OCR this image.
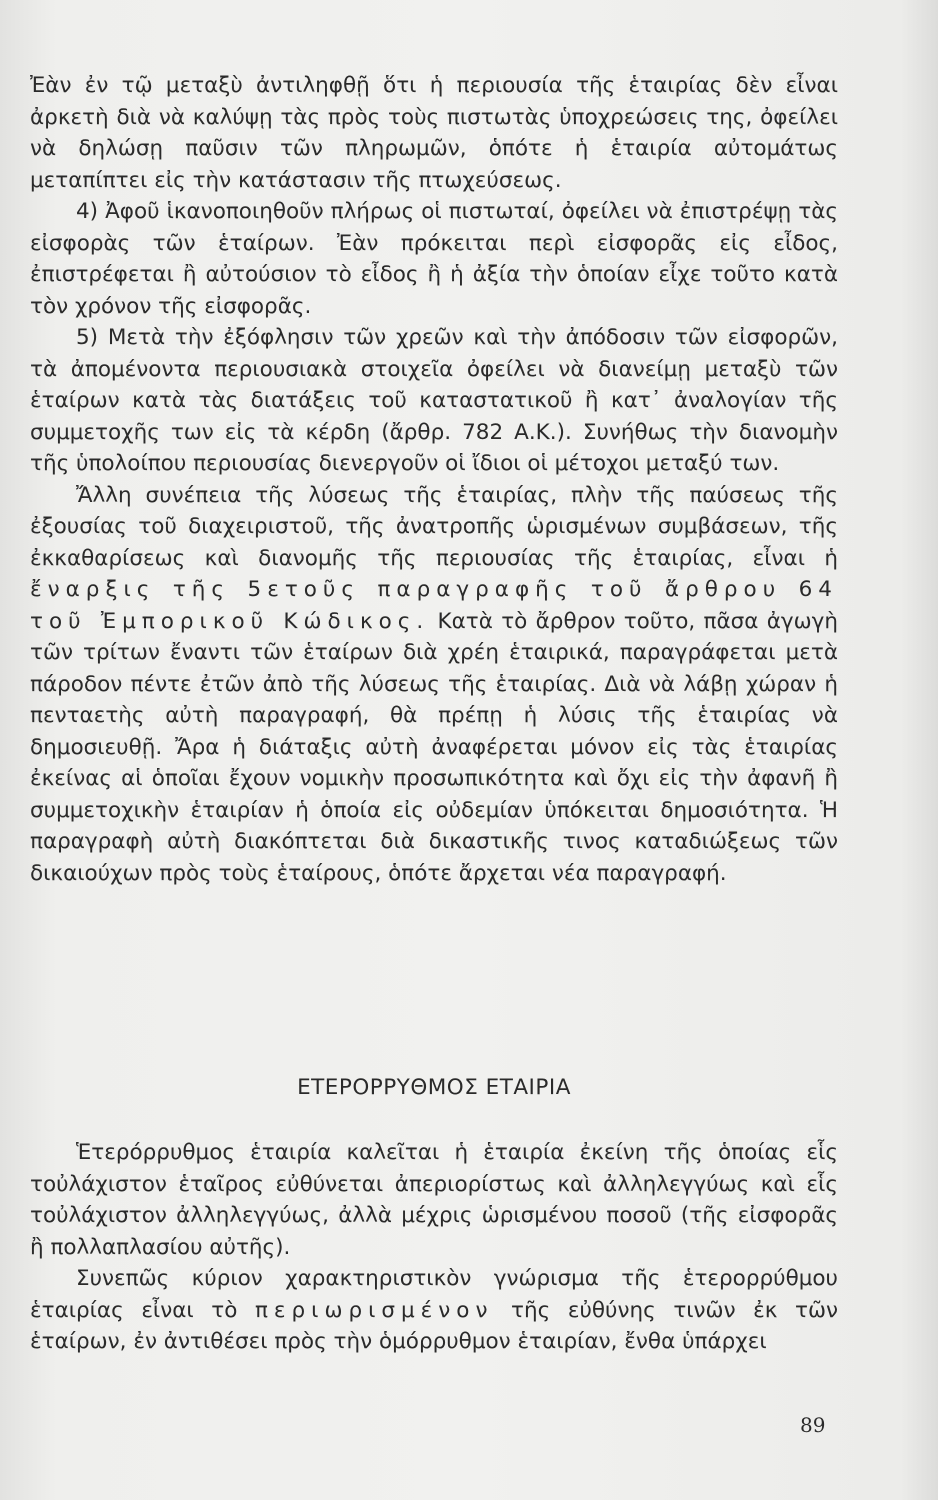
Ἐὰν ἐν τῷ μεταξὺ ἀντιληφθῇ ὅτι ἡ περιουσία τῆς ἑταιρίας δὲν εἶναι ἀρκετὴ διὰ νὰ καλύψῃ τὰς πρὸς τοὺς πιστωτὰς ὑποχρεώσεις της, ὀφείλει νὰ δηλώσῃ παῦσιν τῶν πληρωμῶν, ὁπότε ἡ ἑταιρία αὐτομάτως μεταπίπτει εἰς τὴν κατάστασιν τῆς πτωχεύσεως.

4) Ἀφοῦ ἱκανοποιηθοῦν πλήρως οἱ πιστωταί, ὀφείλει νὰ ἐπιστρέψῃ τὰς εἰσφορὰς τῶν ἑταίρων. Ἐὰν πρόκειται περὶ εἰσφορᾶς εἰς εἶδος, ἐπιστρέφεται ἢ αὐτούσιον τὸ εἶδος ἢ ἡ ἀξία τὴν ὁποίαν εἶχε τοῦτο κατὰ τὸν χρόνον τῆς εἰσφορᾶς.

5) Μετὰ τὴν ἐξόφλησιν τῶν χρεῶν καὶ τὴν ἀπόδοσιν τῶν εἰσφορῶν, τὰ ἀπομένοντα περιουσιακὰ στοιχεῖα ὀφείλει νὰ διανείμῃ μεταξὺ τῶν ἑταίρων κατὰ τὰς διατάξεις τοῦ καταστατικοῦ ἢ κατ᾿ ἀναλογίαν τῆς συμμετοχῆς των εἰς τὰ κέρδη (ἄρθρ. 782 Α.Κ.). Συνήθως τὴν διανομὴν τῆς ὑπολοίπου περιουσίας διενεργοῦν οἱ ἴδιοι οἱ μέτοχοι μεταξύ των.

Ἄλλη συνέπεια τῆς λύσεως τῆς ἑταιρίας, πλὴν τῆς παύσεως τῆς ἐξουσίας τοῦ διαχειριστοῦ, τῆς ἀνατροπῆς ὡρισμένων συμβάσεων, τῆς ἐκκαθαρίσεως καὶ διανομῆς τῆς περιουσίας τῆς ἑταιρίας, εἶναι ἡ ἔναρξις τῆς 5ετοῦς παραγραφῆς τοῦ ἄρθρου 64 τοῦ Ἐμπορικοῦ Κώδικος. Κατὰ τὸ ἄρθρον τοῦτο, πᾶσα ἀγωγὴ τῶν τρίτων ἔναντι τῶν ἑταίρων διὰ χρέη ἑταιρικά, παραγράφεται μετὰ πάροδον πέντε ἐτῶν ἀπὸ τῆς λύσεως τῆς ἑταιρίας. Διὰ νὰ λάβῃ χώραν ἡ πενταετὴς αὐτὴ παραγραφή, θὰ πρέπῃ ἡ λύσις τῆς ἑταιρίας νὰ δημοσιευθῇ. Ἄρα ἡ διάταξις αὐτὴ ἀναφέρεται μόνον εἰς τὰς ἑταιρίας ἐκείνας αἱ ὁποῖαι ἔχουν νομικὴν προσωπικότητα καὶ ὄχι εἰς τὴν ἀφανῆ ἢ συμμετοχικὴν ἑταιρίαν ἡ ὁποία εἰς οὐδεμίαν ὑπόκειται δημοσιότητα. Ἡ παραγραφὴ αὐτὴ διακόπτεται διὰ δικαστικῆς τινος καταδιώξεως τῶν δικαιούχων πρὸς τοὺς ἑταίρους, ὁπότε ἄρχεται νέα παραγραφή.

ΕΤΕΡΟΡΡΥΘΜΟΣ ΕΤΑΙΡΙΑ

Ἑτερόρρυθμος ἑταιρία καλεῖται ἡ ἑταιρία ἐκείνη τῆς ὁποίας εἷς τοὐλάχιστον ἑταῖρος εὐθύνεται ἀπεριορίστως καὶ ἀλληλεγγύως καὶ εἷς τοὐλάχιστον ἀλληλεγγύως, ἀλλὰ μέχρις ὡρισμένου ποσοῦ (τῆς εἰσφορᾶς ἢ πολλαπλασίου αὐτῆς).

Συνεπῶς κύριον χαρακτηριστικὸν γνώρισμα τῆς ἑτερορρύθμου ἑταιρίας εἶναι τὸ περιωρισμένον τῆς εὐθύνης τινῶν ἐκ τῶν ἑταίρων, ἐν ἀντιθέσει πρὸς τὴν ὁμόρρυθμον ἑταιρίαν, ἔνθα ὑπάρχει

89
